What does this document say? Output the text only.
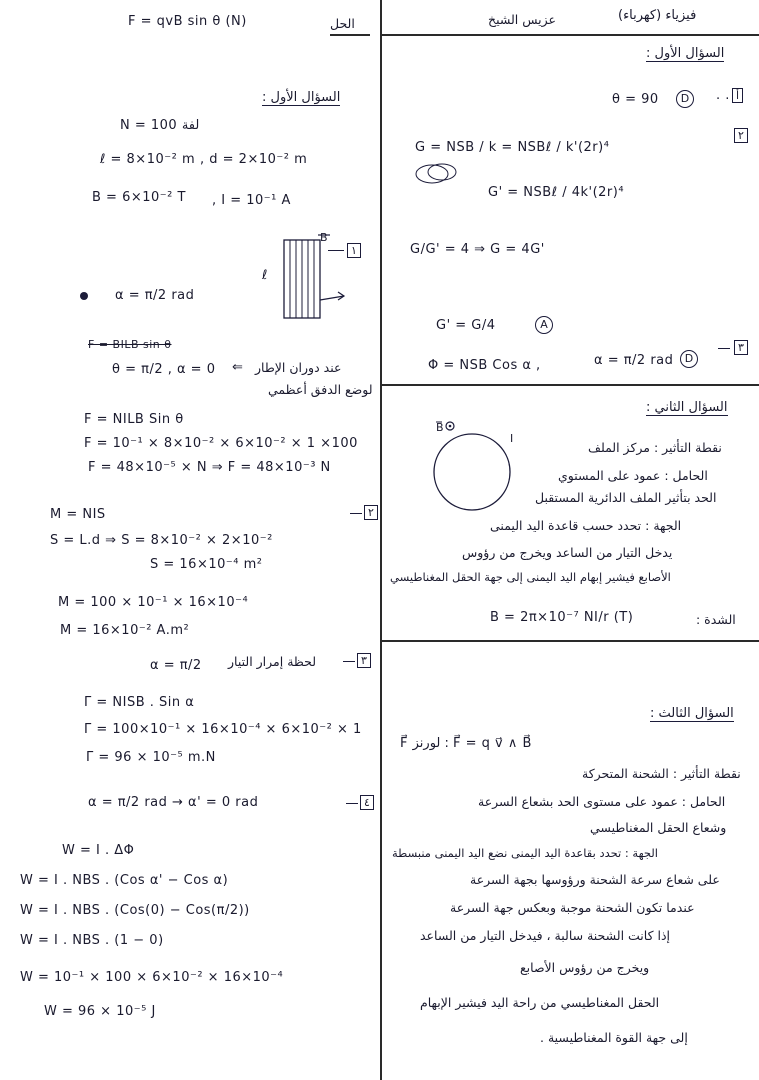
F = qvB sin θ (N)	الحل
السؤال الأول :
N = 100 لفة
ℓ = 8×10⁻² m , d = 2×10⁻² m
B = 6×10⁻² T , I = 10⁻¹ A
١
ℓ
B
α = π/2 rad
F = BILB sin θ
θ = π/2 , α = 0 ⇐ عند دوران الإطار
لوضع الدفق أعظمي
F = NILB Sin θ
F = 10⁻¹ × 8×10⁻² × 6×10⁻² × 1 ×100
F = 48×10⁻⁵ × N ⇒ F = 48×10⁻³ N
٢
M = NIS
S = L.d ⇒ S = 8×10⁻² × 2×10⁻²
S = 16×10⁻⁴ m²
M = 100 × 10⁻¹ × 16×10⁻⁴
M = 16×10⁻² A.m²
٣
لحظة إمرار التيار
α = π/2
Γ = NISB . Sin α
Γ = 100×10⁻¹ × 16×10⁻⁴ × 6×10⁻² × 1
Γ = 96 × 10⁻⁵ m.N
٤
α = π/2 rad → α' = 0 rad
W = I . ΔΦ
W = I . NBS . (Cos α' − Cos α)
W = I . NBS . (Cos(0) − Cos(π/2))
W = I . NBS . (1 − 0)
W = 10⁻¹ × 100 × 6×10⁻² × 16×10⁻⁴
W = 96 × 10⁻⁵ J
فيزياء (كهرباء)
عزيس الشيخ
السؤال الأول :
أ
· ·
θ = 90	D
٢
G = NSB / k = NSBℓ / k'(2r)⁴
G' = NSBℓ / 4k'(2r)⁴
G/G' = 4 ⇒ G = 4G'
G' = G/4	A
٣
Φ = NSB Cos α ,	α = π/2 rad	D
السؤال الثاني :
B
I
نقطة التأثير : مركز الملف
الحامل : عمود على المستوي
الحد بتأثير الملف الدائرية المستقبل
الجهة : تحدد حسب قاعدة اليد اليمنى
يدخل التيار من الساعد ويخرج من رؤوس
الأصابع فيشير إبهام اليد اليمنى إلى جهة الحقل المغناطيسي
الشدة :
B = 2π×10⁻⁷ NI/r (T)
السؤال الثالث :
F⃗ لورنز : F⃗ = q v⃗ ∧ B⃗
نقطة التأثير : الشحنة المتحركة
الحامل : عمود على مستوى الحد بشعاع السرعة
وشعاع الحقل المغناطيسي
الجهة : تحدد بقاعدة اليد اليمنى نضع اليد اليمنى منبسطة
على شعاع سرعة الشحنة ورؤوسها بجهة السرعة
عندما تكون الشحنة موجبة وبعكس جهة السرعة
إذا كانت الشحنة سالبة ، فيدخل التيار من الساعد
ويخرج من رؤوس الأصابع
الحقل المغناطيسي من راحة اليد فيشير الإبهام
إلى جهة القوة المغناطيسية .
